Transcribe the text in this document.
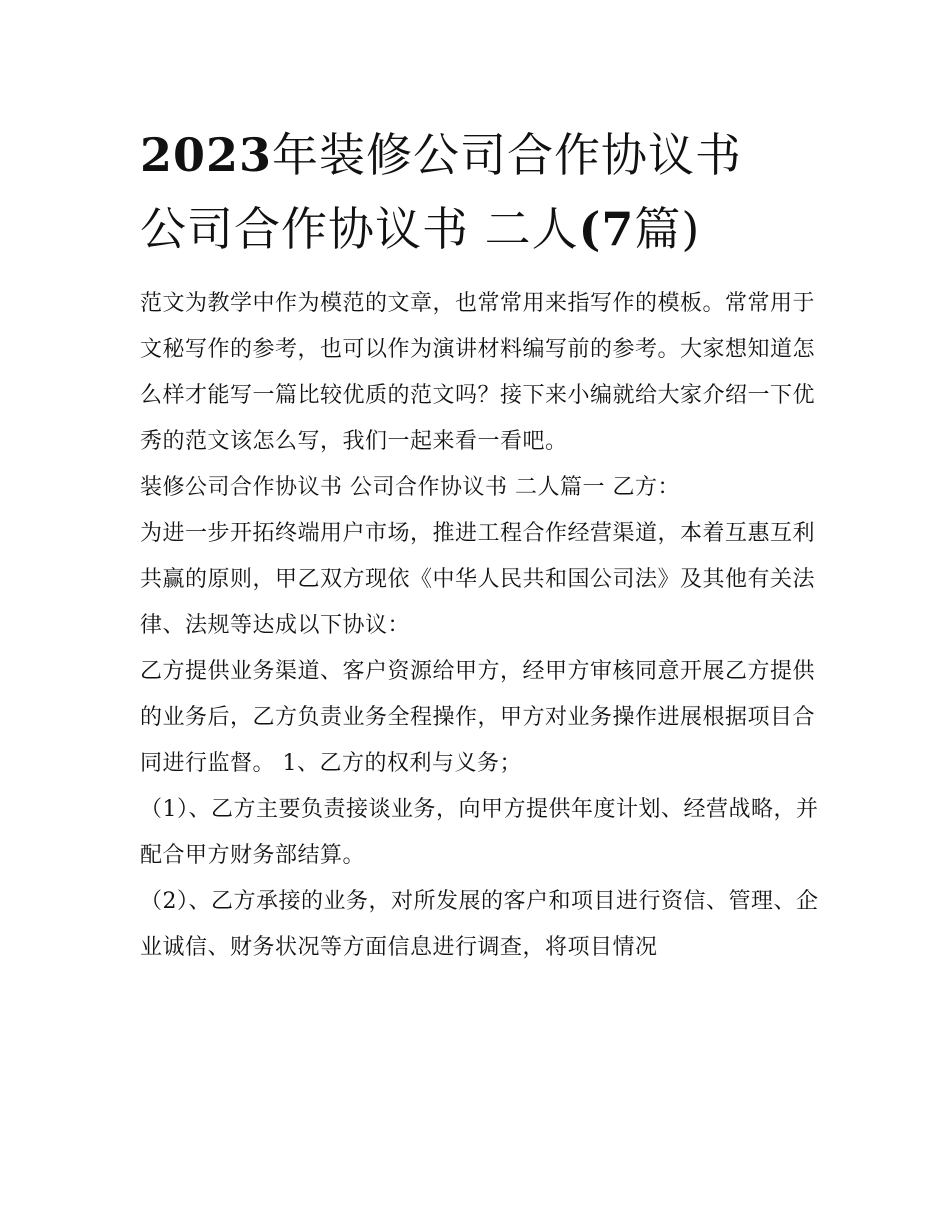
2023年装修公司合作协议书
公司合作协议书 二人(7篇)

范文为教学中作为模范的文章，也常常用来指写作的模板。常常用于文秘写作的参考，也可以作为演讲材料编写前的参考。大家想知道怎么样才能写一篇比较优质的范文吗？接下来小编就给大家介绍一下优秀的范文该怎么写，我们一起来看一看吧。

装修公司合作协议书 公司合作协议书 二人篇一 乙方：

为进一步开拓终端用户市场，推进工程合作经营渠道，本着互惠互利共赢的原则，甲乙双方现依《中华人民共和国公司法》及其他有关法律、法规等达成以下协议：

乙方提供业务渠道、客户资源给甲方，经甲方审核同意开展乙方提供的业务后，乙方负责业务全程操作，甲方对业务操作进展根据项目合同进行监督。 1、乙方的权利与义务；

（1）、乙方主要负责接谈业务，向甲方提供年度计划、经营战略，并配合甲方财务部结算。

（2）、乙方承接的业务，对所发展的客户和项目进行资信、管理、企业诚信、财务状况等方面信息进行调查，将项目情况
